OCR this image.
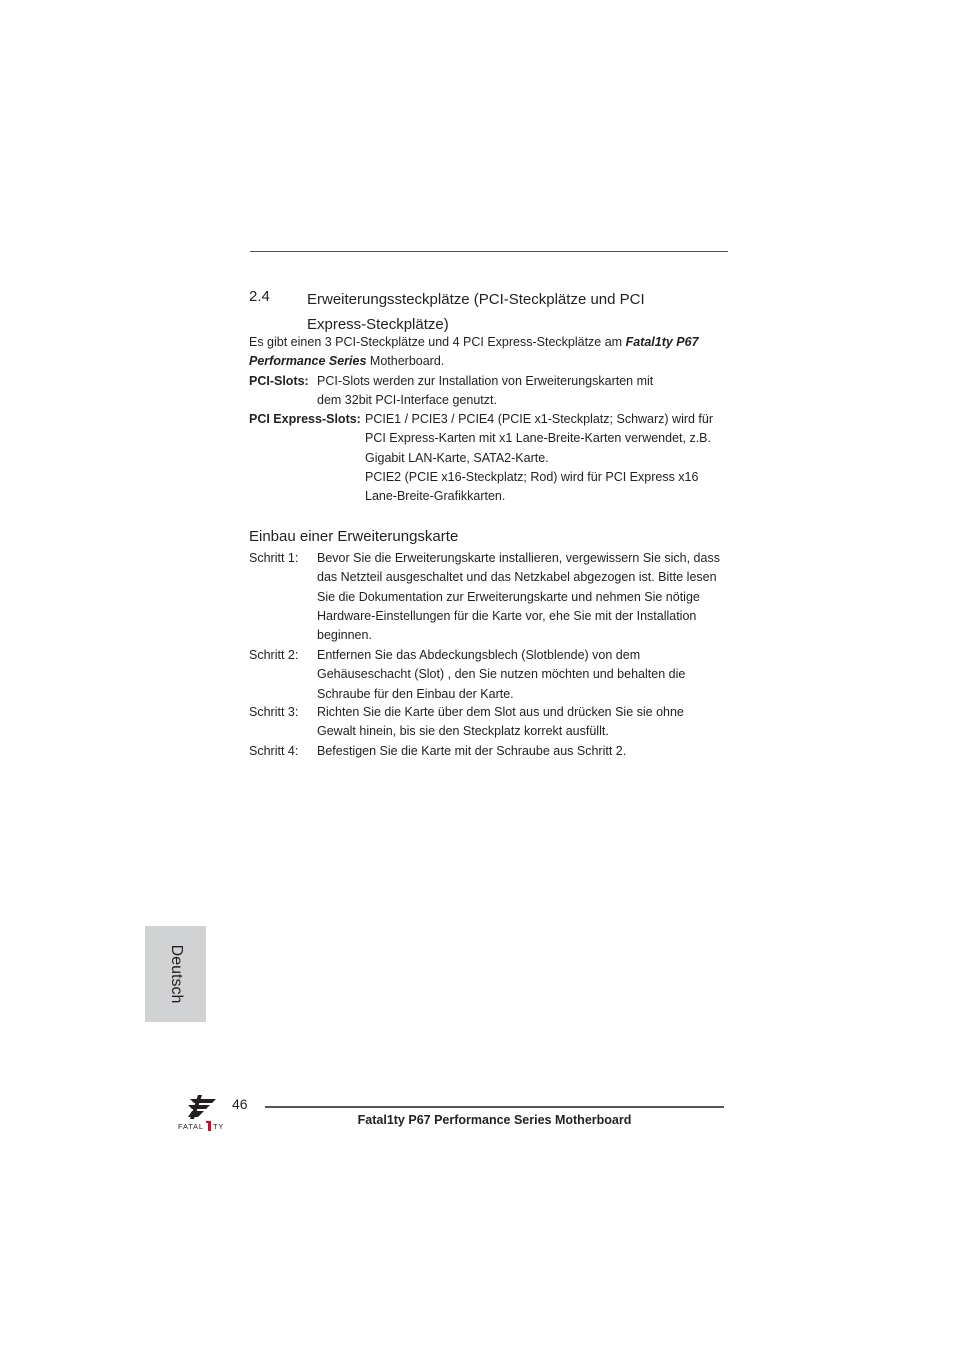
2.4 Erweiterungssteckplätze (PCI-Steckplätze und PCI
Express-Steckplätze)
Es gibt einen 3 PCI-Steckplätze und 4 PCI Express-Steckplätze am Fatal1ty P67 Performance Series Motherboard.
PCI-Slots: PCI-Slots werden zur Installation von Erweiterungskarten mit
dem 32bit PCI-Interface genutzt.
PCI Express-Slots: PCIE1 / PCIE3 / PCIE4 (PCIE x1-Steckplatz; Schwarz) wird für PCI Express-Karten mit x1 Lane-Breite-Karten verwendet, z.B. Gigabit LAN-Karte, SATA2-Karte.

PCIE2 (PCIE x16-Steckplatz; Rod) wird für PCI Express x16 Lane-Breite-Grafikkarten.

Einbau einer Erweiterungskarte
Schritt 1: Bevor Sie die Erweiterungskarte installieren, vergewissern Sie sich, dass das Netzteil ausgeschaltet und das Netzkabel abgezogen ist. Bitte lesen Sie die Dokumentation zur Erweiterungskarte und nehmen Sie nötige Hardware-Einstellungen für die Karte vor, ehe Sie mit der Installation beginnen.
Schritt 2: Entfernen Sie das Abdeckungsblech (Slotblende) von dem Gehäuseschacht (Slot) , den Sie nutzen möchten und behalten die Schraube für den Einbau der Karte.
Schritt 3: Richten Sie die Karte über dem Slot aus und drücken Sie sie ohne Gewalt hinein, bis sie den Steckplatz korrekt ausfüllt.
Schritt 4: Befestigen Sie die Karte mit der Schraube aus Schritt 2.
Deutsch
FATAL TY
46
Fatal1ty P67 Performance Series Motherboard
